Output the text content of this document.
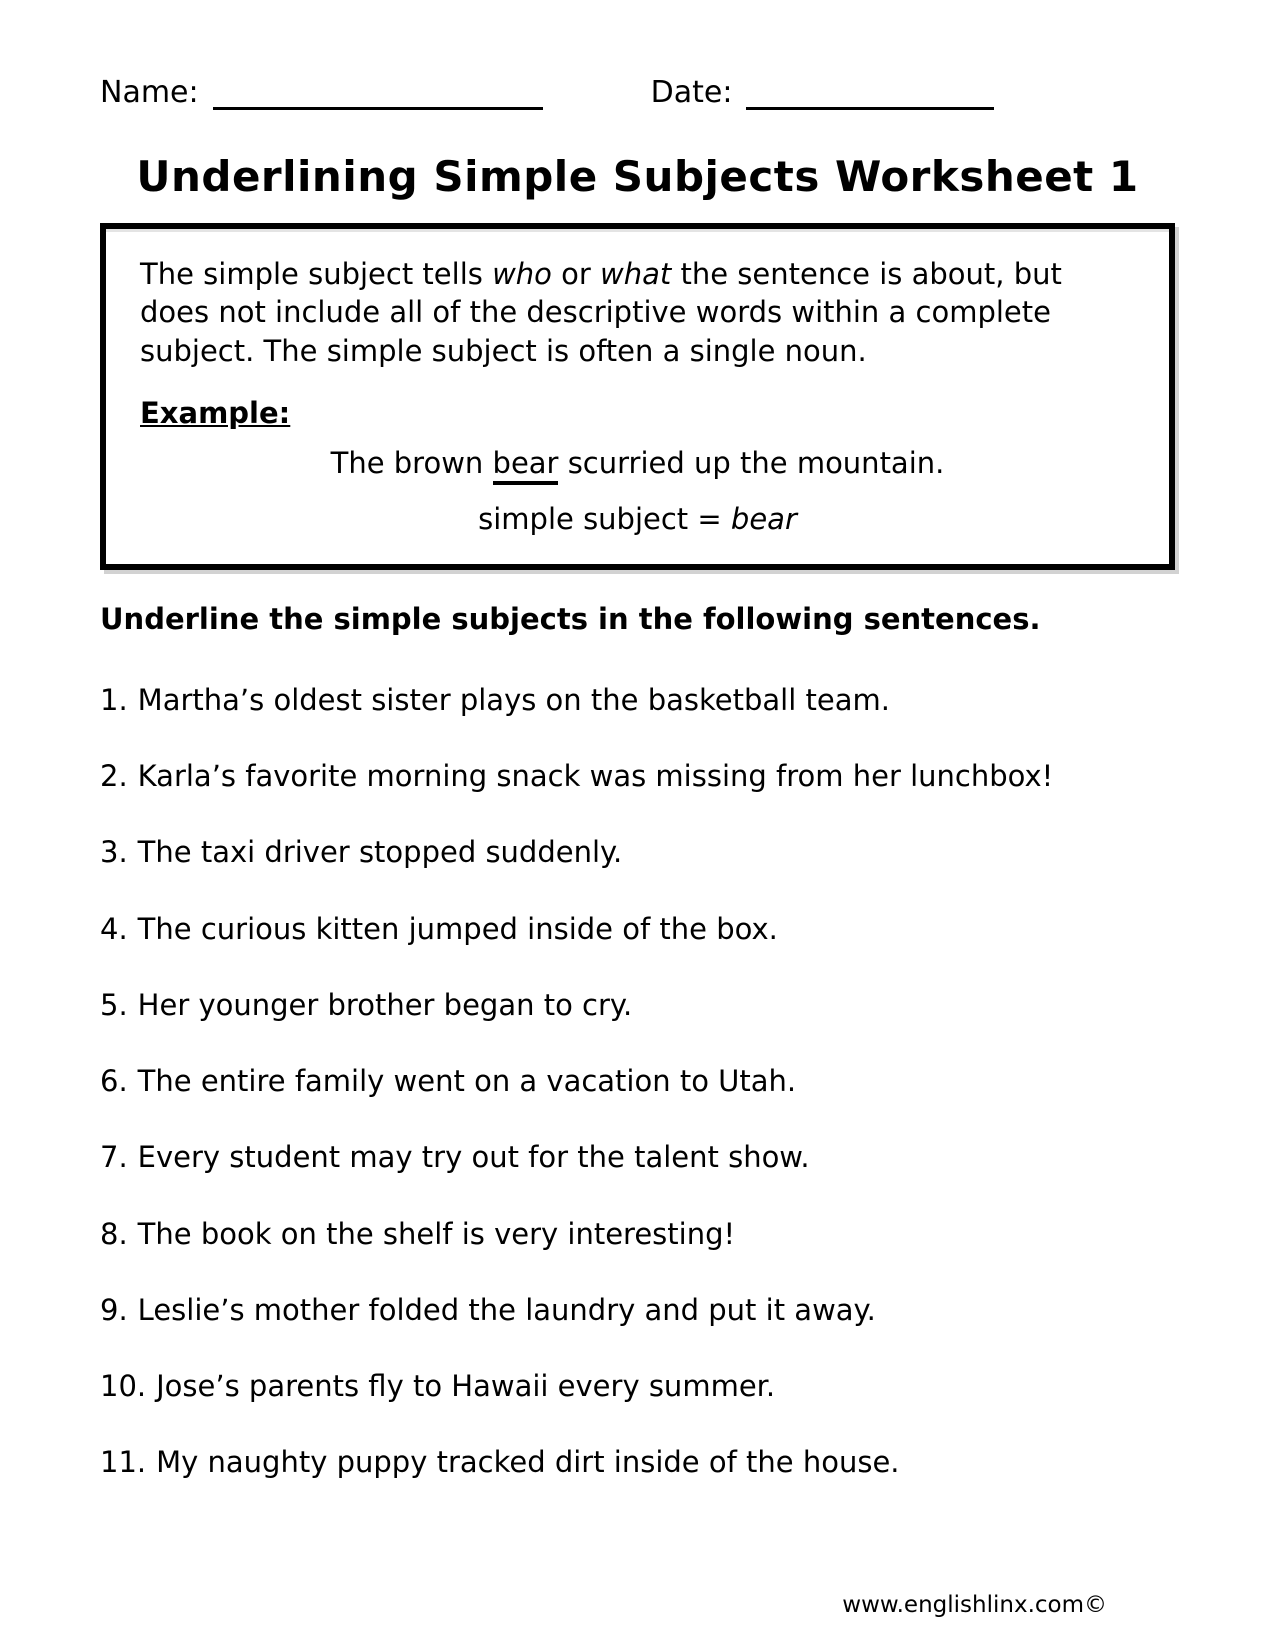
Name:	Date:
Underlining Simple Subjects Worksheet 1
The simple subject tells who or what the sentence is about, but does not include all of the descriptive words within a complete subject. The simple subject is often a single noun.
Example:
The brown bear scurried up the mountain.
simple subject = bear
Underline the simple subjects in the following sentences.
1. Martha’s oldest sister plays on the basketball team.
2. Karla’s favorite morning snack was missing from her lunchbox!
3. The taxi driver stopped suddenly.
4. The curious kitten jumped inside of the box.
5. Her younger brother began to cry.
6. The entire family went on a vacation to Utah.
7. Every student may try out for the talent show.
8. The book on the shelf is very interesting!
9. Leslie’s mother folded the laundry and put it away.
10. Jose’s parents fly to Hawaii every summer.
11. My naughty puppy tracked dirt inside of the house.
www.englishlinx.com©
